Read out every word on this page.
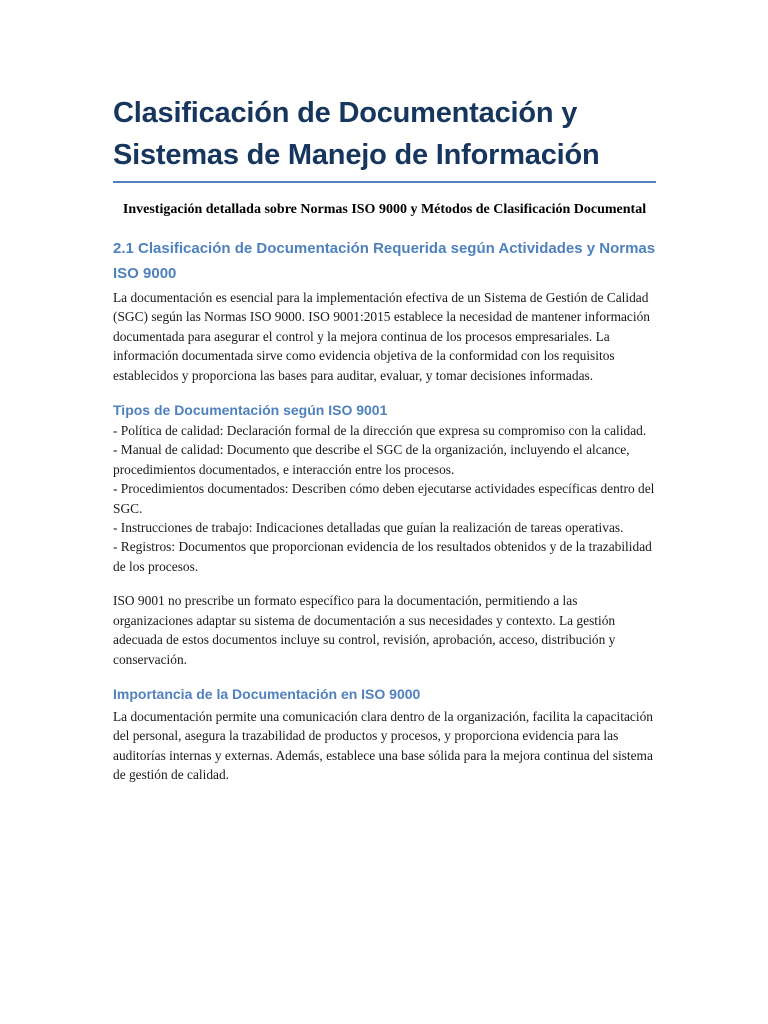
Clasificación de Documentación y Sistemas de Manejo de Información

Investigación detallada sobre Normas ISO 9000 y Métodos de Clasificación Documental

2.1 Clasificación de Documentación Requerida según Actividades y Normas ISO 9000

La documentación es esencial para la implementación efectiva de un Sistema de Gestión de Calidad (SGC) según las Normas ISO 9000. ISO 9001:2015 establece la necesidad de mantener información documentada para asegurar el control y la mejora continua de los procesos empresariales. La información documentada sirve como evidencia objetiva de la conformidad con los requisitos establecidos y proporciona las bases para auditar, evaluar, y tomar decisiones informadas.

Tipos de Documentación según ISO 9001
- Política de calidad: Declaración formal de la dirección que expresa su compromiso con la calidad.
- Manual de calidad: Documento que describe el SGC de la organización, incluyendo el alcance, procedimientos documentados, e interacción entre los procesos.
- Procedimientos documentados: Describen cómo deben ejecutarse actividades específicas dentro del SGC.
- Instrucciones de trabajo: Indicaciones detalladas que guían la realización de tareas operativas.
- Registros: Documentos que proporcionan evidencia de los resultados obtenidos y de la trazabilidad de los procesos.

ISO 9001 no prescribe un formato específico para la documentación, permitiendo a las organizaciones adaptar su sistema de documentación a sus necesidades y contexto. La gestión adecuada de estos documentos incluye su control, revisión, aprobación, acceso, distribución y conservación.

Importancia de la Documentación en ISO 9000

La documentación permite una comunicación clara dentro de la organización, facilita la capacitación del personal, asegura la trazabilidad de productos y procesos, y proporciona evidencia para las auditorías internas y externas. Además, establece una base sólida para la mejora continua del sistema de gestión de calidad.
